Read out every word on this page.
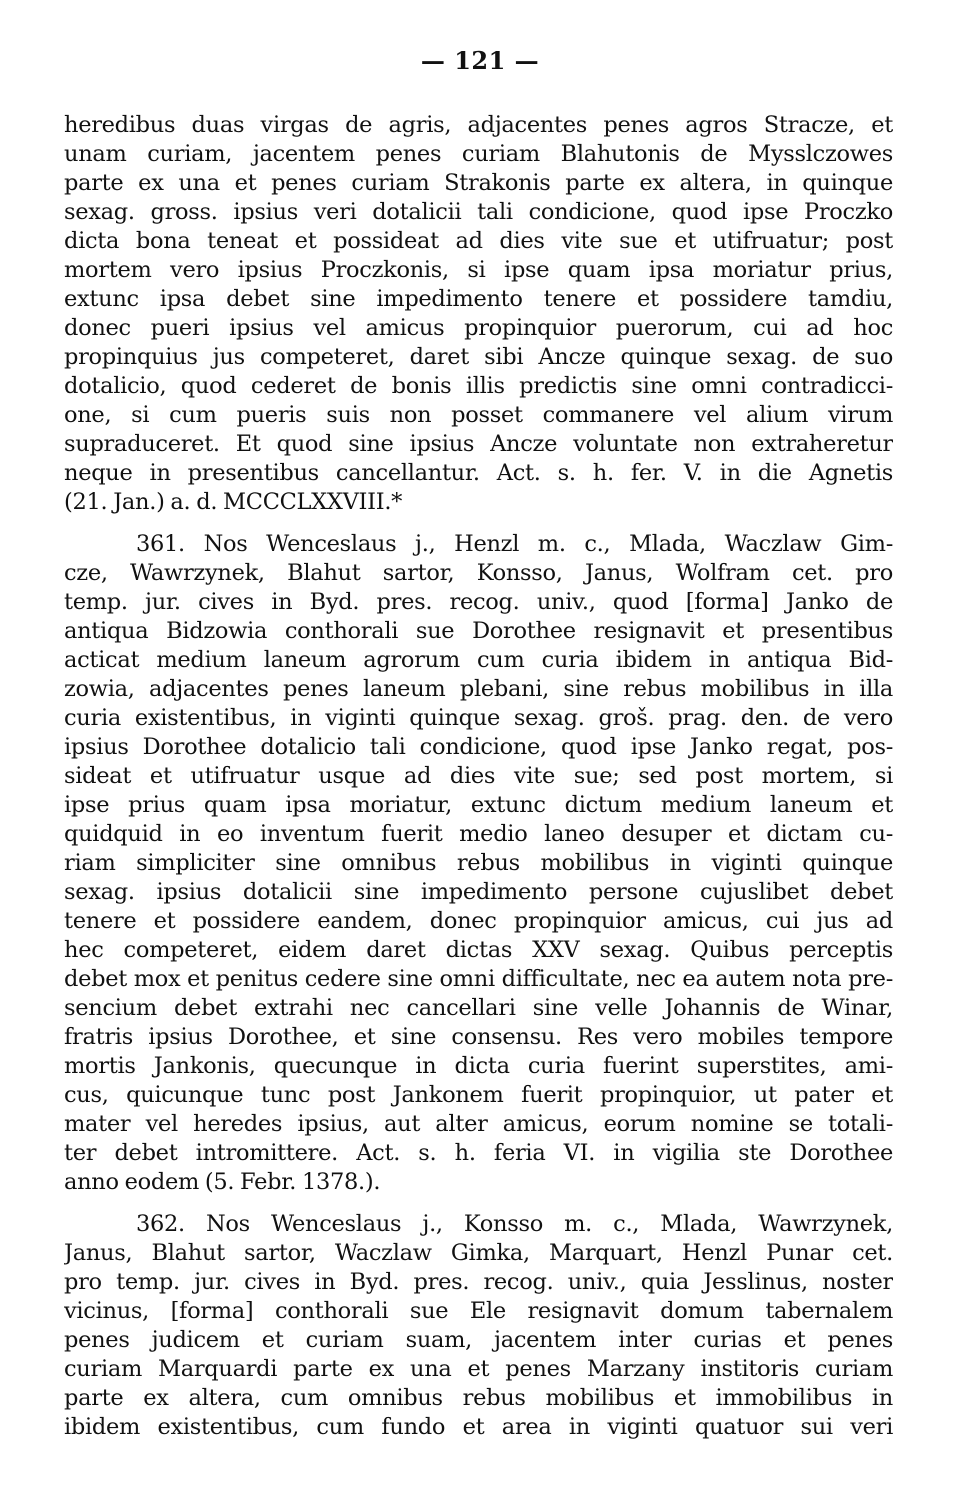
— 121 —
heredibus duas virgas de agris, adjacentes penes agros Stracze, et
unam curiam, jacentem penes curiam Blahutonis de Mysslczowes
parte ex una et penes curiam Strakonis parte ex altera, in quinque
sexag. gross. ipsius veri dotalicii tali condicione, quod ipse Proczko
dicta bona teneat et possideat ad dies vite sue et utifruatur; post
mortem vero ipsius Proczkonis, si ipse quam ipsa moriatur prius,
extunc ipsa debet sine impedimento tenere et possidere tamdiu,
donec pueri ipsius vel amicus propinquior puerorum, cui ad hoc
propinquius jus competeret, daret sibi Ancze quinque sexag. de suo
dotalicio, quod cederet de bonis illis predictis sine omni contradicci-
one, si cum pueris suis non posset commanere vel alium virum
supraduceret. Et quod sine ipsius Ancze voluntate non extraheretur
neque in presentibus cancellantur. Act. s. h. fer. V. in die Agnetis
(21. Jan.) a. d. MCCCLXXVIII.*
361. Nos Wenceslaus j., Henzl m. c., Mlada, Waczlaw Gim-
cze, Wawrzynek, Blahut sartor, Konsso, Janus, Wolfram cet. pro
temp. jur. cives in Byd. pres. recog. univ., quod [forma] Janko de
antiqua Bidzowia conthorali sue Dorothee resignavit et presentibus
acticat medium laneum agrorum cum curia ibidem in antiqua Bid-
zowia, adjacentes penes laneum plebani, sine rebus mobilibus in illa
curia existentibus, in viginti quinque sexag. groš. prag. den. de vero
ipsius Dorothee dotalicio tali condicione, quod ipse Janko regat, pos-
sideat et utifruatur usque ad dies vite sue; sed post mortem, si
ipse prius quam ipsa moriatur, extunc dictum medium laneum et
quidquid in eo inventum fuerit medio laneo desuper et dictam cu-
riam simpliciter sine omnibus rebus mobilibus in viginti quinque
sexag. ipsius dotalicii sine impedimento persone cujuslibet debet
tenere et possidere eandem, donec propinquior amicus, cui jus ad
hec competeret, eidem daret dictas XXV sexag. Quibus perceptis
debet mox et penitus cedere sine omni difficultate, nec ea autem nota pre-
sencium debet extrahi nec cancellari sine velle Johannis de Winar,
fratris ipsius Dorothee, et sine consensu. Res vero mobiles tempore
mortis Jankonis, quecunque in dicta curia fuerint superstites, ami-
cus, quicunque tunc post Jankonem fuerit propinquior, ut pater et
mater vel heredes ipsius, aut alter amicus, eorum nomine se totali-
ter debet intromittere. Act. s. h. feria VI. in vigilia ste Dorothee
anno eodem (5. Febr. 1378.).
362. Nos Wenceslaus j., Konsso m. c., Mlada, Wawrzynek,
Janus, Blahut sartor, Waczlaw Gimka, Marquart, Henzl Punar cet.
pro temp. jur. cives in Byd. pres. recog. univ., quia Jesslinus, noster
vicinus, [forma] conthorali sue Ele resignavit domum tabernalem
penes judicem et curiam suam, jacentem inter curias et penes
curiam Marquardi parte ex una et penes Marzany institoris curiam
parte ex altera, cum omnibus rebus mobilibus et immobilibus in
ibidem existentibus, cum fundo et area in viginti quatuor sui veri
